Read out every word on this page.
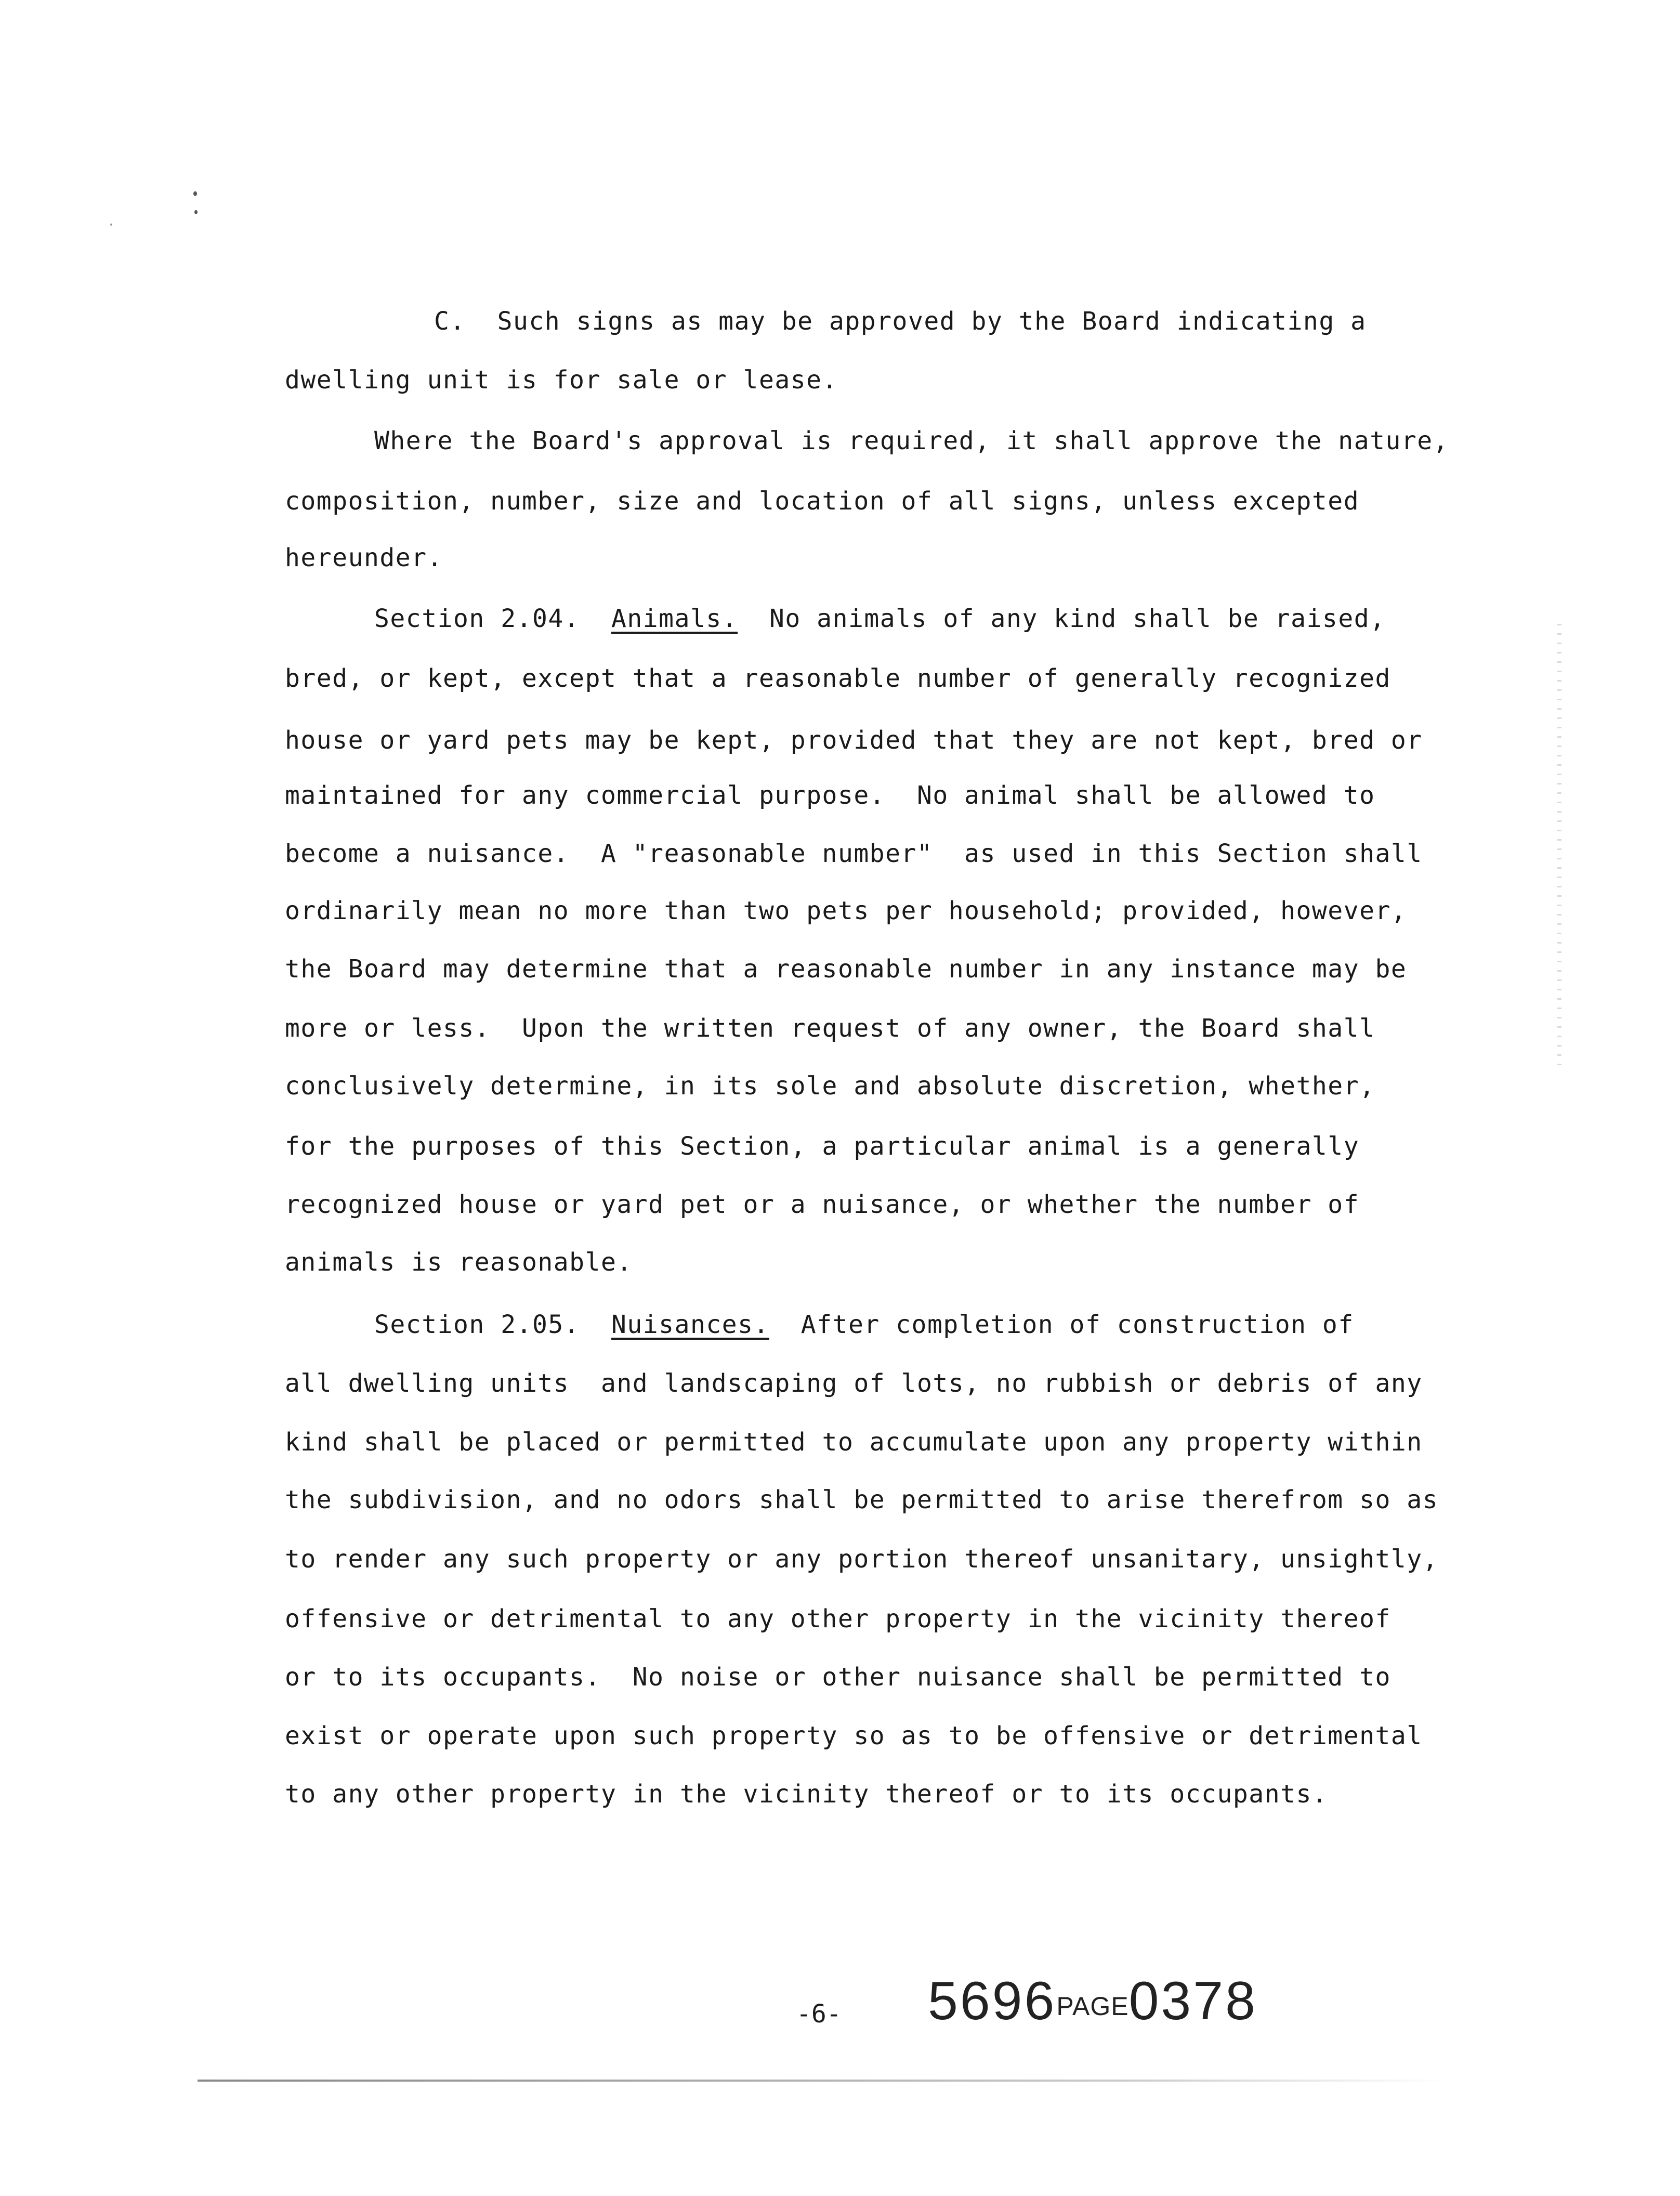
C.  Such signs as may be approved by the Board indicating a
dwelling unit is for sale or lease.
Where the Board's approval is required, it shall approve the nature,
composition, number, size and location of all signs, unless excepted
hereunder.
Section 2.04.  Animals.  No animals of any kind shall be raised,
bred, or kept, except that a reasonable number of generally recognized
house or yard pets may be kept, provided that they are not kept, bred or
maintained for any commercial purpose.  No animal shall be allowed to
become a nuisance.  A "reasonable number"  as used in this Section shall
ordinarily mean no more than two pets per household; provided, however,
the Board may determine that a reasonable number in any instance may be
more or less.  Upon the written request of any owner, the Board shall
conclusively determine, in its sole and absolute discretion, whether,
for the purposes of this Section, a particular animal is a generally
recognized house or yard pet or a nuisance, or whether the number of
animals is reasonable.
Section 2.05.  Nuisances.  After completion of construction of
all dwelling units  and landscaping of lots, no rubbish or debris of any
kind shall be placed or permitted to accumulate upon any property within
the subdivision, and no odors shall be permitted to arise therefrom so as
to render any such property or any portion thereof unsanitary, unsightly,
offensive or detrimental to any other property in the vicinity thereof
or to its occupants.  No noise or other nuisance shall be permitted to
exist or operate upon such property so as to be offensive or detrimental
to any other property in the vicinity thereof or to its occupants.
-6- 5696PAGE0378
